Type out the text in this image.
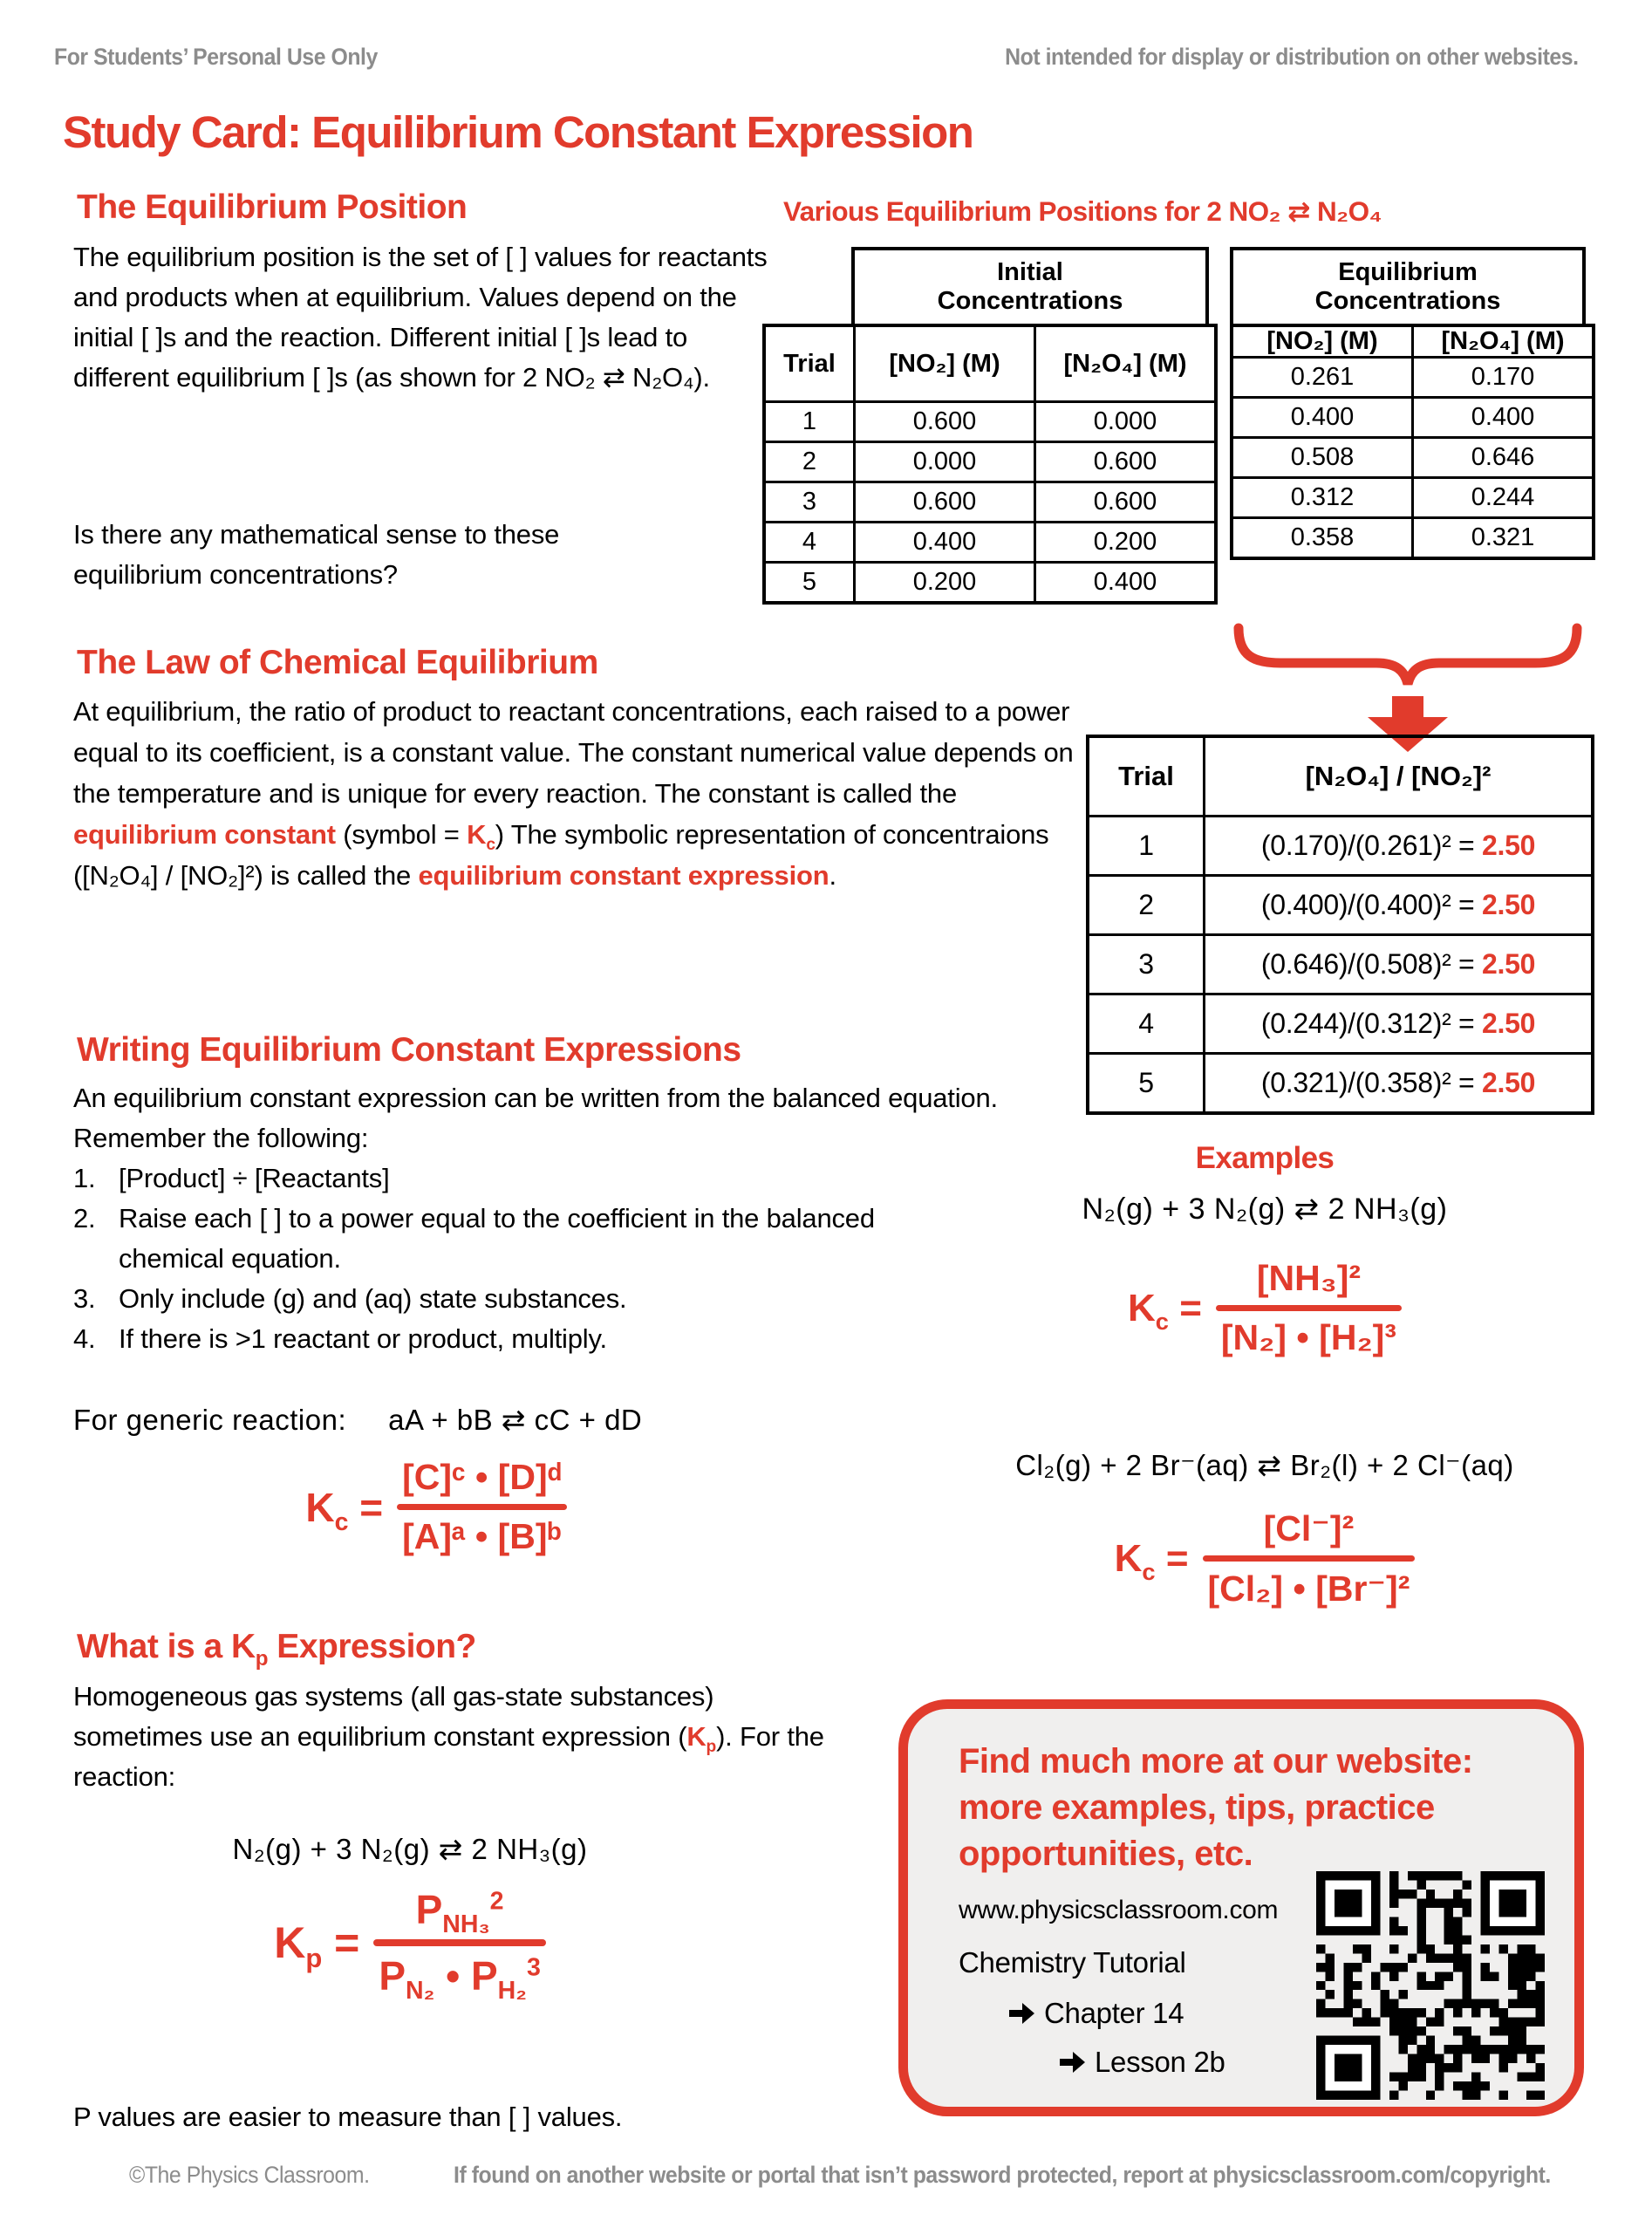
For Students’ Personal Use Only	Not intended for display or distribution on other websites.
Study Card: Equilibrium Constant Expression
The Equilibrium Position
The equilibrium position is the set of [ ] values for reactants and products when at equilibrium. Values depend on the initial [ ]s and the reaction. Different initial [ ]s lead to different equilibrium [ ]s (as shown for 2 NO₂ ⇄ N₂O₄).
Is there any mathematical sense to these equilibrium concentrations?
Various Equilibrium Positions for 2 NO₂ ⇄ N₂O₄
Initial Concentrations
Trial	[NO₂] (M)	[N₂O₄] (M)
1	0.600	0.000
2	0.000	0.600
3	0.600	0.600
4	0.400	0.200
5	0.200	0.400
Equilibrium Concentrations
[NO₂] (M)	[N₂O₄] (M)
0.261	0.170
0.400	0.400
0.508	0.646
0.312	0.244
0.358	0.321
Trial	[N₂O₄] / [NO₂]²
1	(0.170)/(0.261)² = 2.50
2	(0.400)/(0.400)² = 2.50
3	(0.646)/(0.508)² = 2.50
4	(0.244)/(0.312)² = 2.50
5	(0.321)/(0.358)² = 2.50
The Law of Chemical Equilibrium
At equilibrium, the ratio of product to reactant concentrations, each raised to a power equal to its coefficient, is a constant value. The constant numerical value depends on the temperature and is unique for every reaction. The constant is called the equilibrium constant (symbol = $K_c$) The symbolic representation of concentraions ([N₂O₄] / [NO₂]²) is called the equilibrium constant expression.
Writing Equilibrium Constant Expressions
An equilibrium constant expression can be written from the balanced equation. Remember the following:
1. [Product] ÷ [Reactants]
2. Raise each [ ] to a power equal to the coefficient in the balanced chemical equation.
3. Only include (g) and (aq) state substances.
4. If there is >1 reactant or product, multiply.
For generic reaction: aA + bB ⇄ cC + dD
$K_c$ =
[C]ᶜ • [D]ᵈ
[A]ᵃ • [B]ᵇ
What is a $K_p$ Expression?
Homogeneous gas systems (all gas-state substances) sometimes use an equilibrium constant expression $(K_p)$. For the reaction:
N₂(g) + 3 N₂(g) ⇄ 2 NH₃(g)
$K_p$ =
$P_{NH_3}^2$
$P_{N_2}$ • $P_{H_2}^3$
P values are easier to measure than [ ] values.
Examples
N₂(g) + 3 N₂(g) ⇄ 2 NH₃(g)
$K_c$ =
[NH₃]²
[N₂] • [H₂]³
Cl₂(g) + 2 Br⁻(aq) ⇄ Br₂(l) + 2 Cl⁻(aq)
$K_c$ =
[Cl⁻]²
[Cl₂] • [Br⁻]²
Find much more at our website: more examples, tips, practice opportunities, etc.
www.physicsclassroom.com
Chemistry Tutorial
Chapter 14
Lesson 2b
©The Physics Classroom.	If found on another website or portal that isn’t password protected, report at physicsclassroom.com/copyright.
